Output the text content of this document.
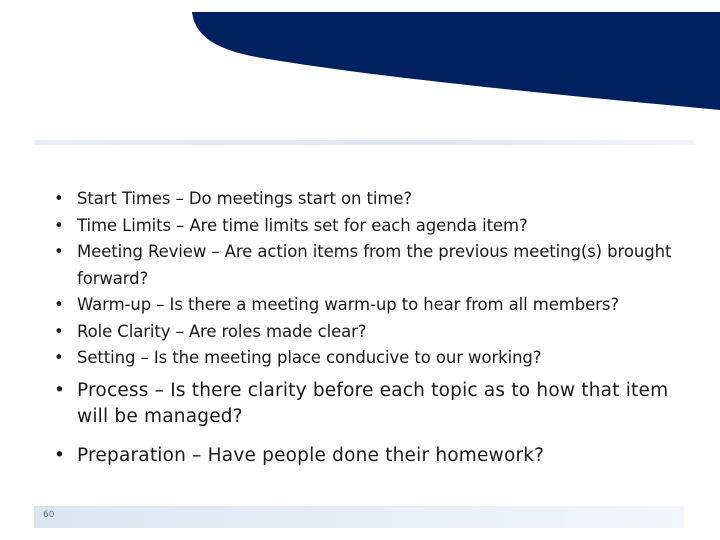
• Start Times – Do meetings start on time?
• Time Limits – Are time limits set for each agenda item?
• Meeting Review – Are action items from the previous meeting(s) brought forward?
• Warm-up – Is there a meeting warm-up to hear from all members?
• Role Clarity – Are roles made clear?
• Setting – Is the meeting place conducive to our working?
• Process – Is there clarity before each topic as to how that item will be managed?
• Preparation – Have people done their homework?
60
